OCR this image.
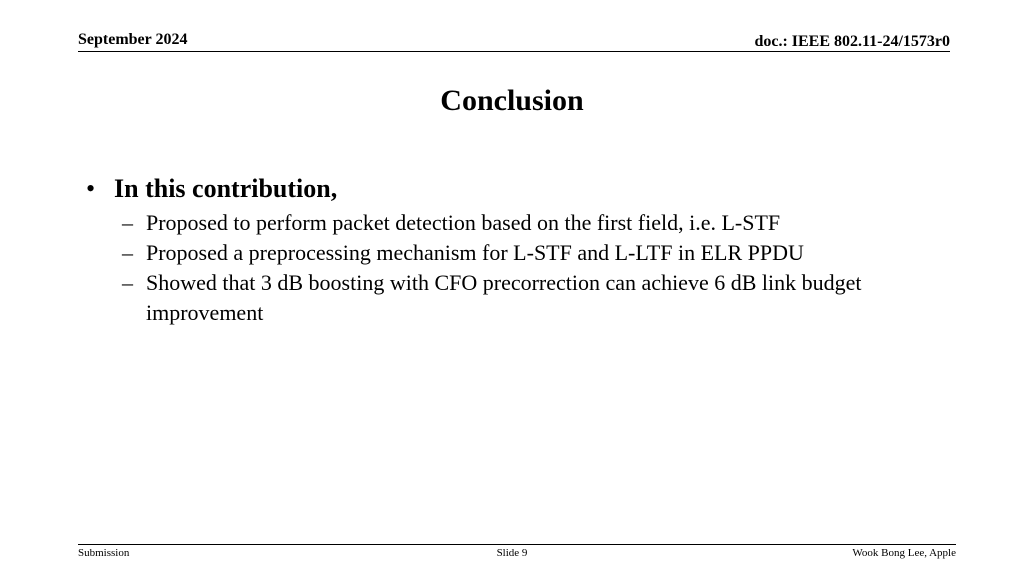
September 2024	doc.: IEEE 802.11-24/1573r0
Conclusion
• In this contribution,
– Proposed to perform packet detection based on the first field, i.e. L-STF
– Proposed a preprocessing mechanism for L-STF and L-LTF in ELR PPDU
– Showed that 3 dB boosting with CFO precorrection can achieve 6 dB link budget improvement
Submission	Slide 9	Wook Bong Lee, Apple
